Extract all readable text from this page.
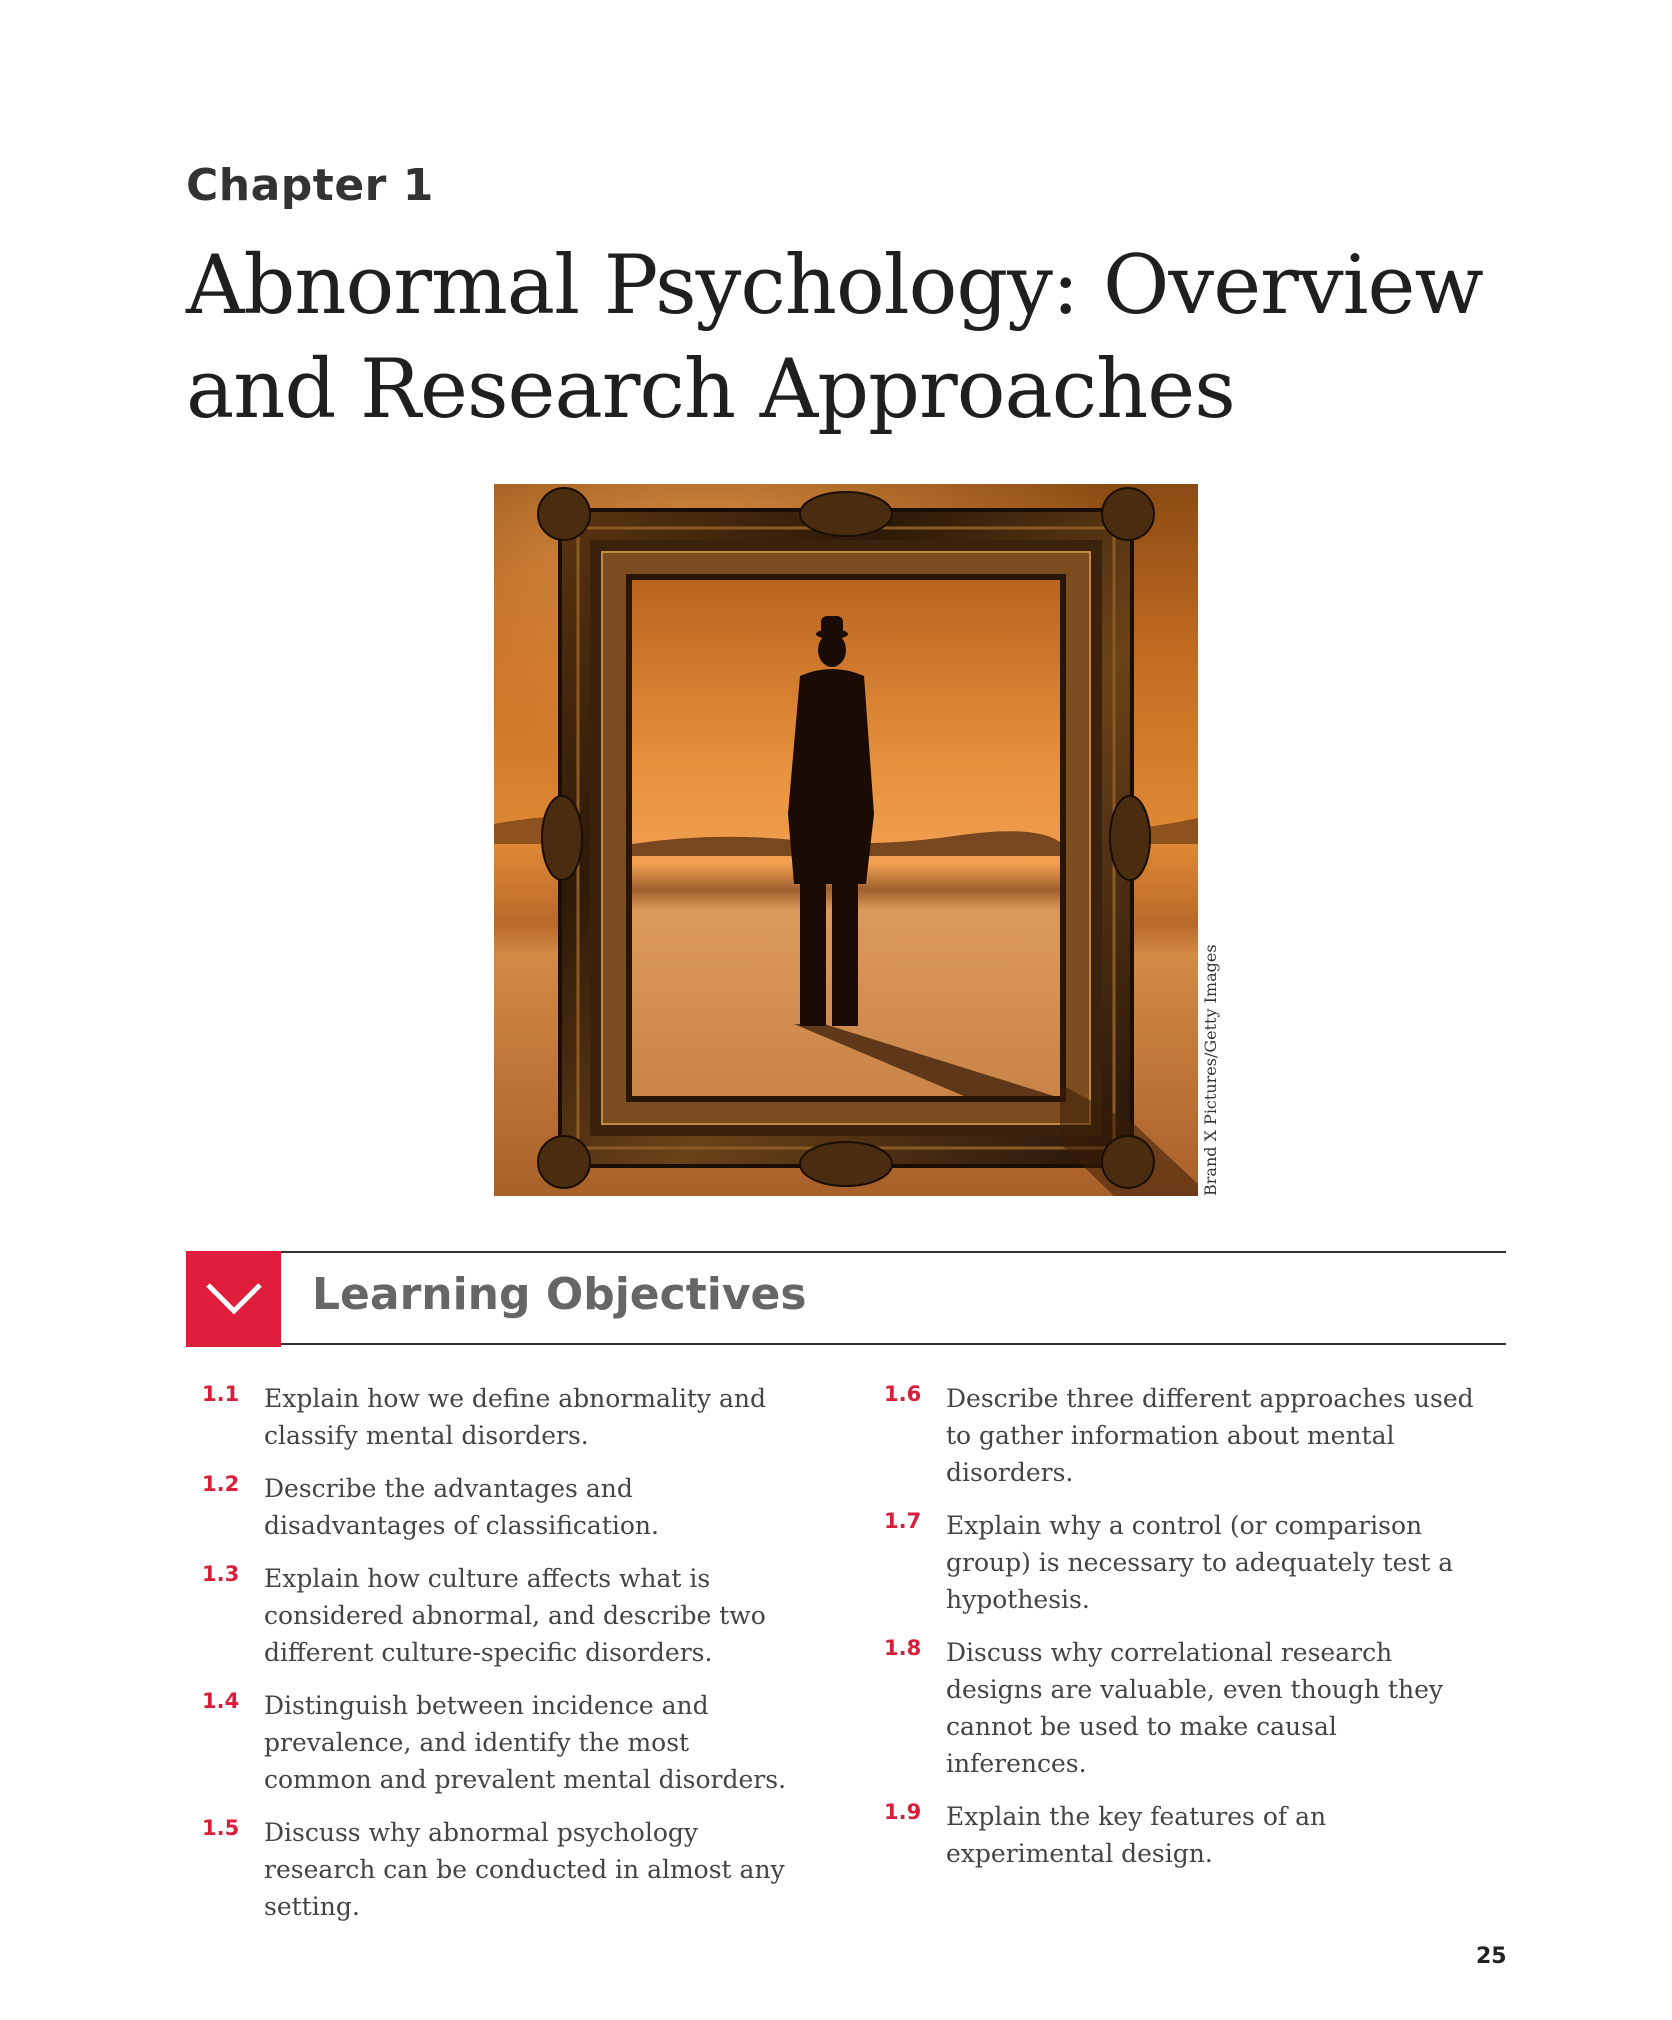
Chapter 1
Abnormal Psychology: Overview and Research Approaches
Brand X Pictures/Getty Images
Learning Objectives
1.1 Explain how we define abnormality and classify mental disorders.
1.2 Describe the advantages and disadvantages of classification.
1.3 Explain how culture affects what is considered abnormal, and describe two different culture-specific disorders.
1.4 Distinguish between incidence and prevalence, and identify the most common and prevalent mental disorders.
1.5 Discuss why abnormal psychology research can be conducted in almost any setting.
1.6 Describe three different approaches used to gather information about mental disorders.
1.7 Explain why a control (or comparison group) is necessary to adequately test a hypothesis.
1.8 Discuss why correlational research designs are valuable, even though they cannot be used to make causal inferences.
1.9 Explain the key features of an experimental design.
25
